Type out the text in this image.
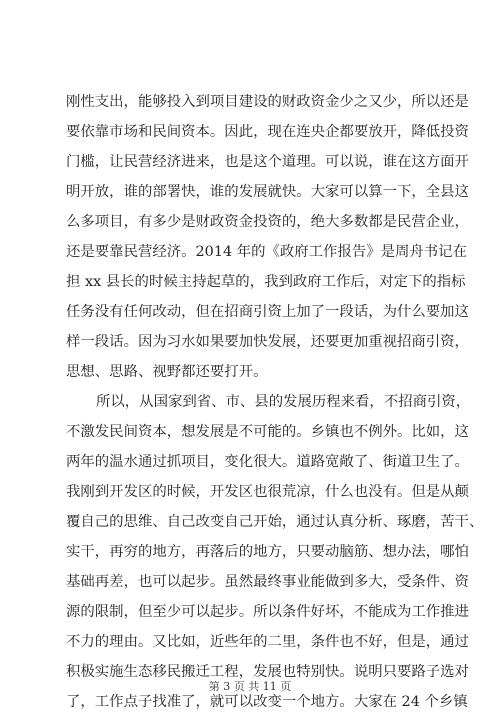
刚性支出，能够投入到项目建设的财政资金少之又少，所以还是
要依靠市场和民间资本。因此，现在连央企都要放开，降低投资
门槛，让民营经济进来，也是这个道理。可以说，谁在这方面开
明开放，谁的部署快，谁的发展就快。大家可以算一下，全县这
么多项目，有多少是财政资金投资的，绝大多数都是民营企业，
还是要靠民营经济。2014 年的《政府工作报告》是周舟书记在
担 xx 县长的时候主持起草的，我到政府工作后，对定下的指标
任务没有任何改动，但在招商引资上加了一段话，为什么要加这
样一段话。因为习水如果要加快发展，还要更加重视招商引资，
思想、思路、视野都还要打开。
所以，从国家到省、市、县的发展历程来看，不招商引资，
不激发民间资本，想发展是不可能的。乡镇也不例外。比如，这
两年的温水通过抓项目，变化很大。道路宽敞了、街道卫生了。
我刚到开发区的时候，开发区也很荒凉，什么也没有。但是从颠
覆自己的思维、自己改变自己开始，通过认真分析、琢磨，苦干、
实干，再穷的地方，再落后的地方，只要动脑筋、想办法，哪怕
基础再差，也可以起步。虽然最终事业能做到多大，受条件、资
源的限制，但至少可以起步。所以条件好坏，不能成为工作推进
不力的理由。又比如，近些年的二里，条件也不好，但是，通过
积极实施生态移民搬迁工程，发展也特别快。说明只要路子选对
了，工作点子找准了，就可以改变一个地方。大家在 24 个乡镇
第 3 页 共 11 页
